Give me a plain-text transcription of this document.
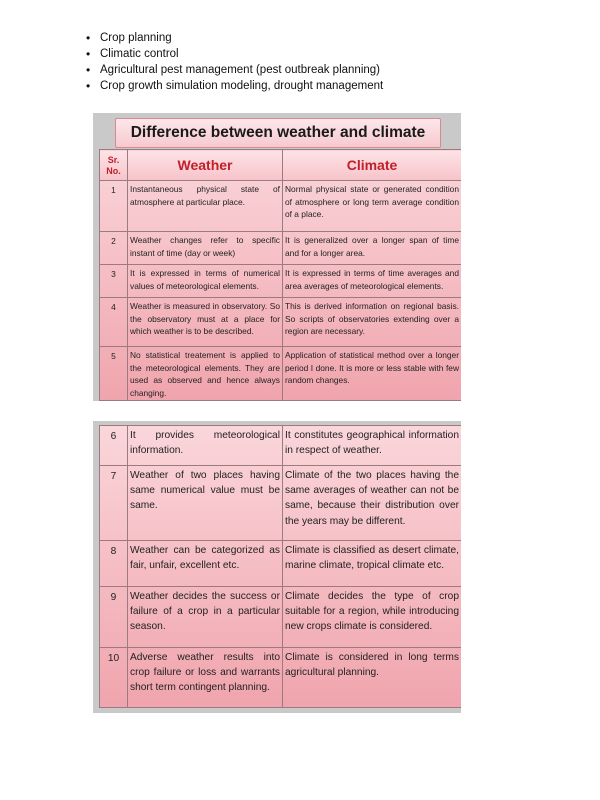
• Crop planning
• Climatic control
• Agricultural pest management (pest outbreak planning)
• Crop growth simulation modeling, drought management
Difference between weather and climate
Sr. No.	Weather	Climate
1	Instantaneous physical state of atmosphere at particular place.	Normal physical state or generated condition of atmosphere or long term average condition of a place.
2	Weather changes refer to specific instant of time (day or week)	It is generalized over a longer span of time and for a longer area.
3	It is expressed in terms of numerical values of meteorological elements.	It is expressed in terms of time averages and area averages of meteorological elements.
4	Weather is measured in observatory. So the observatory must at a place for which weather is to be described.	This is derived information on regional basis. So scripts of observatories extending over a region are necessary.
5	No statistical treatement is applied to the meteorological elements. They are used as observed and hence always changing.	Application of statistical method over a longer period I done. It is more or less stable with few random changes.
6	It provides meteorological information.	It constitutes geographical information in respect of weather.
7	Weather of two places having same numerical value must be same.	Climate of the two places having the same averages of weather can not be same, because their distribution over the years may be different.
8	Weather can be categorized as fair, unfair, excellent etc.	Climate is classified as desert climate, marine climate, tropical climate etc.
9	Weather decides the success or failure of a crop in a particular season.	Climate decides the type of crop suitable for a region, while introducing new crops climate is considered.
10	Adverse weather results into crop failure or loss and warrants short term contingent planning.	Climate is considered in long terms agricultural planning.
